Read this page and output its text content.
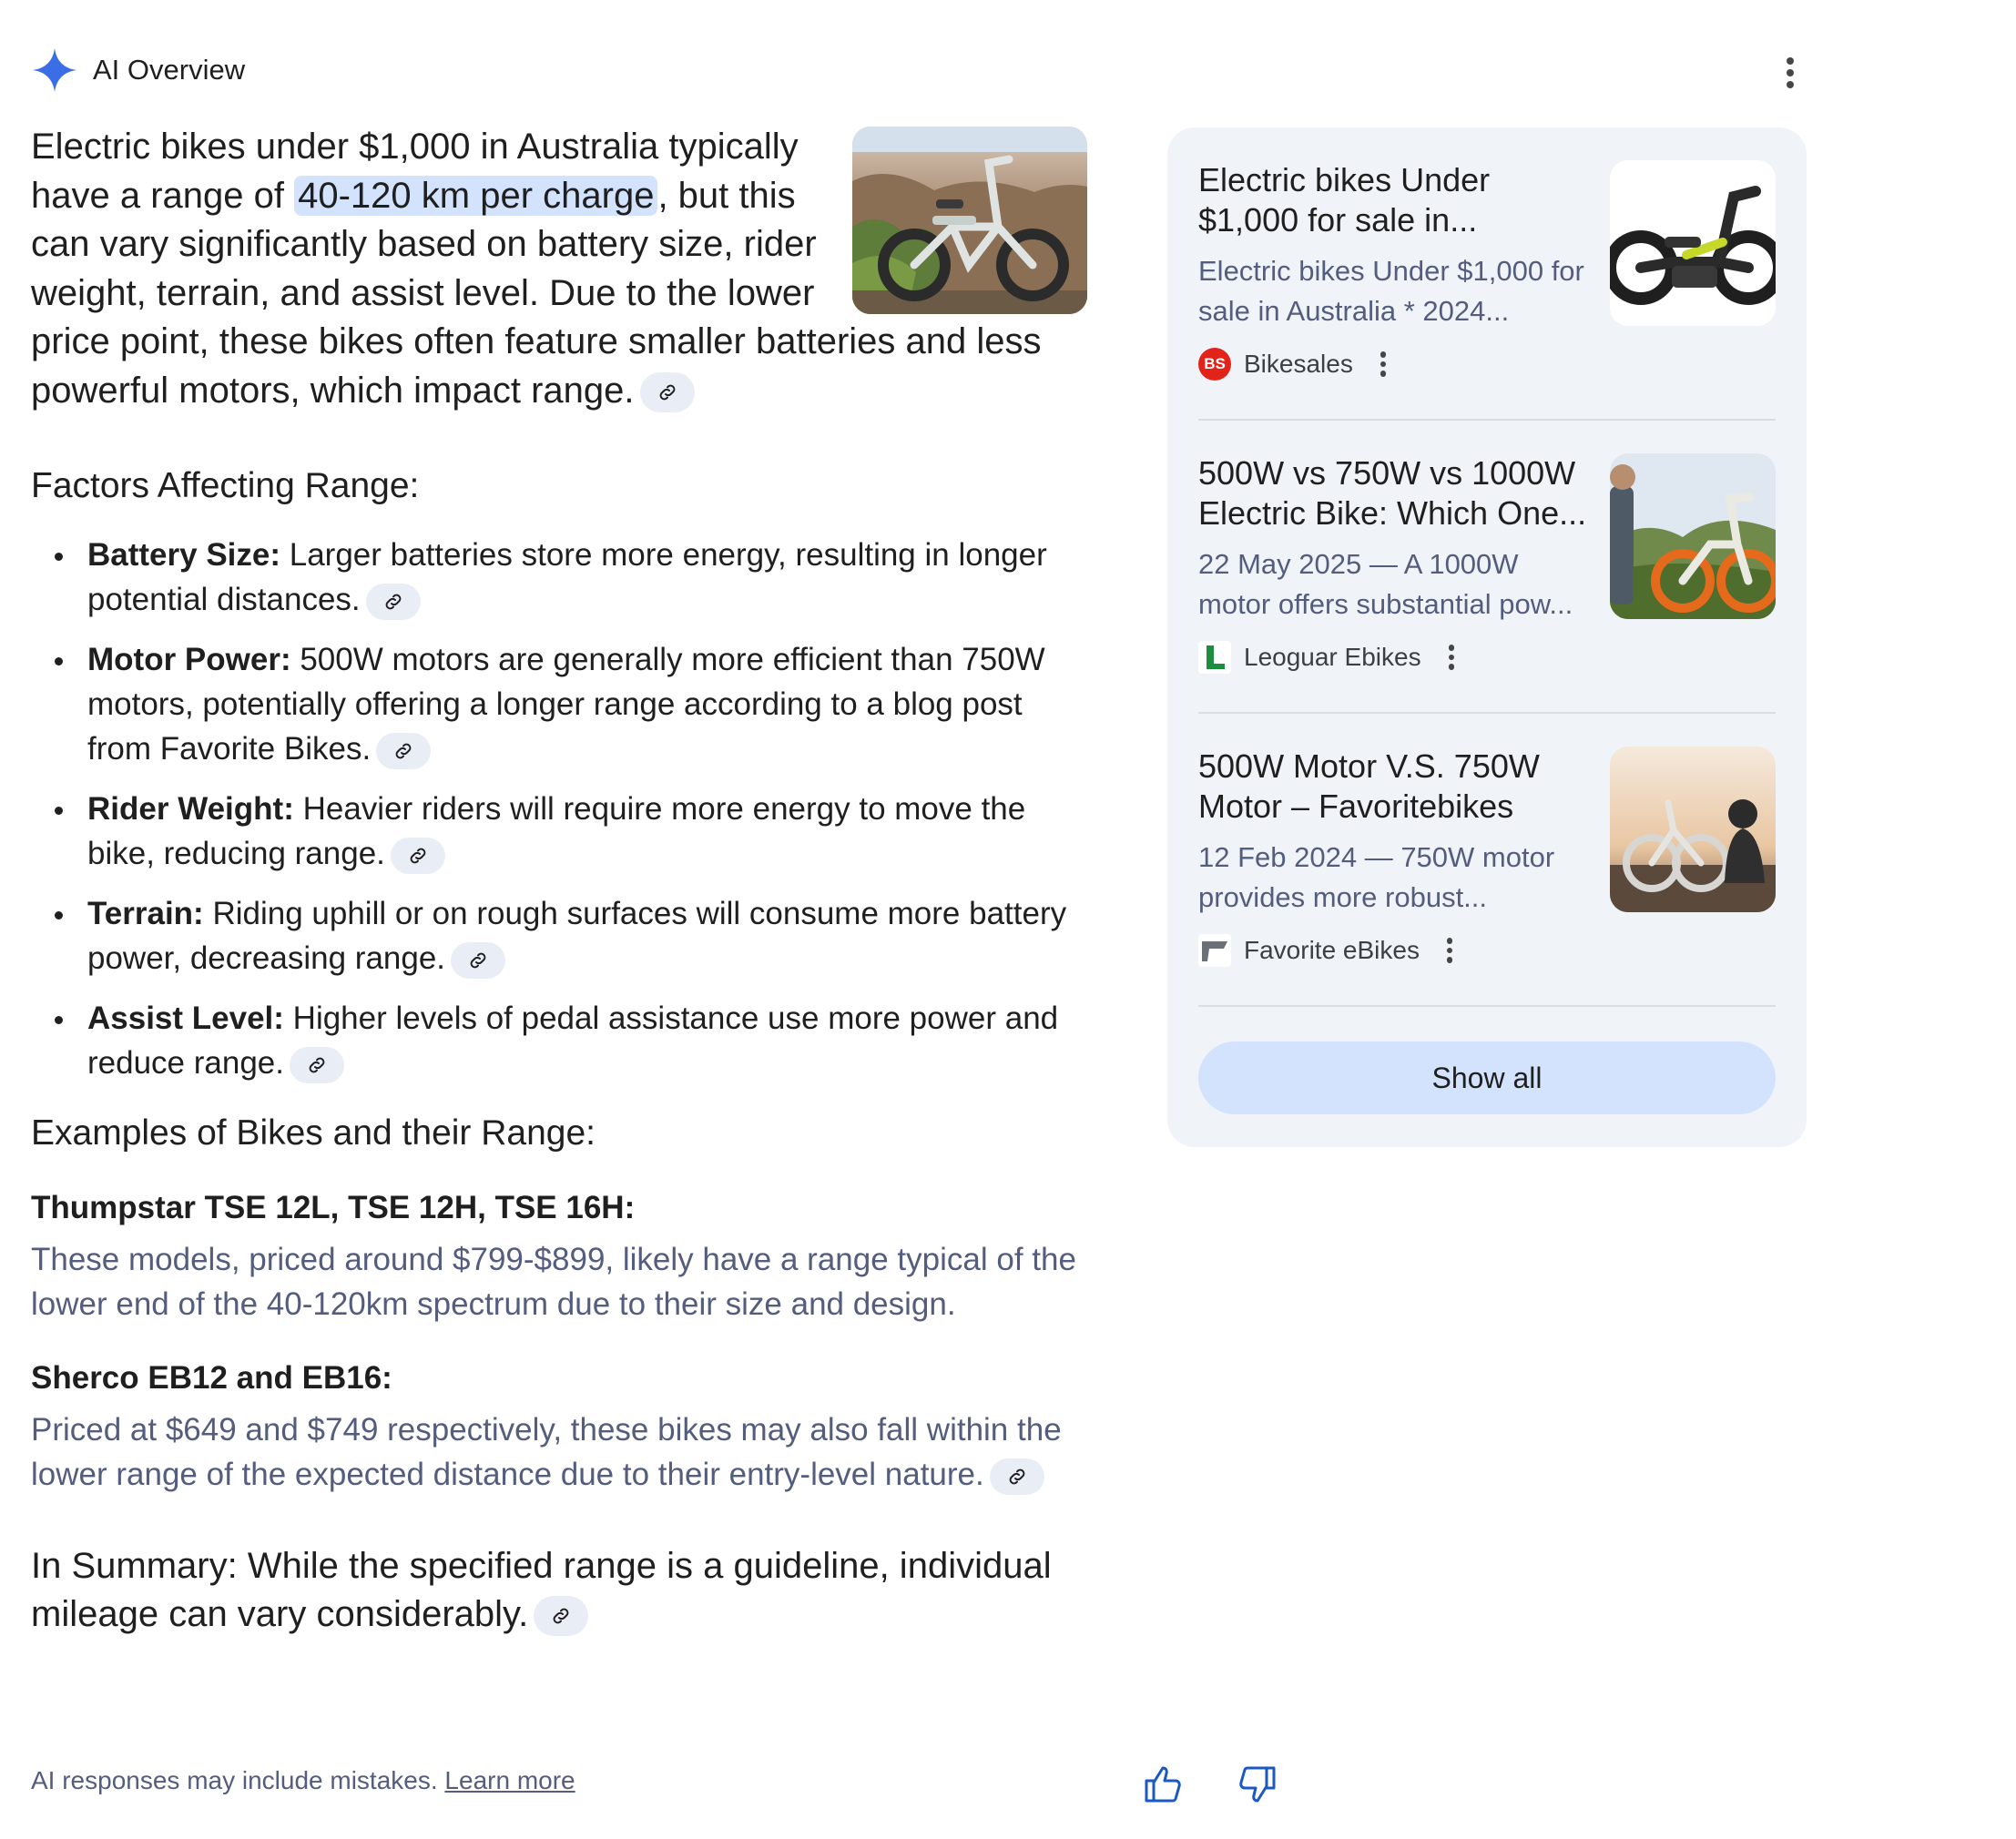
AI Overview

Electric bikes under $1,000 in Australia typically have a range of 40-120 km per charge , but this can vary significantly based on battery size, rider weight, terrain, and assist level. Due to the lower price point, these bikes often feature smaller batteries and less powerful motors, which impact range.

Factors Affecting Range:
Battery Size: Larger batteries store more energy, resulting in longer potential distances.
Motor Power: 500W motors are generally more efficient than 750W motors, potentially offering a longer range according to a blog post from Favorite Bikes.
Rider Weight: Heavier riders will require more energy to move the bike, reducing range.
Terrain: Riding uphill or on rough surfaces will consume more battery power, decreasing range.
Assist Level: Higher levels of pedal assistance use more power and reduce range.
Examples of Bikes and their Range:
Thumpstar TSE 12L, TSE 12H, TSE 16H:

These models, priced around $799-$899, likely have a range typical of the lower end of the 40-120km spectrum due to their size and design.

Sherco EB12 and EB16:

Priced at $649 and $749 respectively, these bikes may also fall within the lower range of the expected distance due to their entry-level nature.

In Summary: While the specified range is a guideline, individual mileage can vary considerably.

AI responses may include mistakes. Learn more
Electric bikes Under $1,000 for sale in...
Electric bikes Under $1,000 for sale in Australia * 2024...
BS Bikesales
500W vs 750W vs 1000W Electric Bike: Which One...
22 May 2025 — A 1000W motor offers substantial pow...
Leoguar Ebikes
500W Motor V.S. 750W Motor – Favoritebikes
12 Feb 2024 — 750W motor provides more robust...
Favorite eBikes
Show all
